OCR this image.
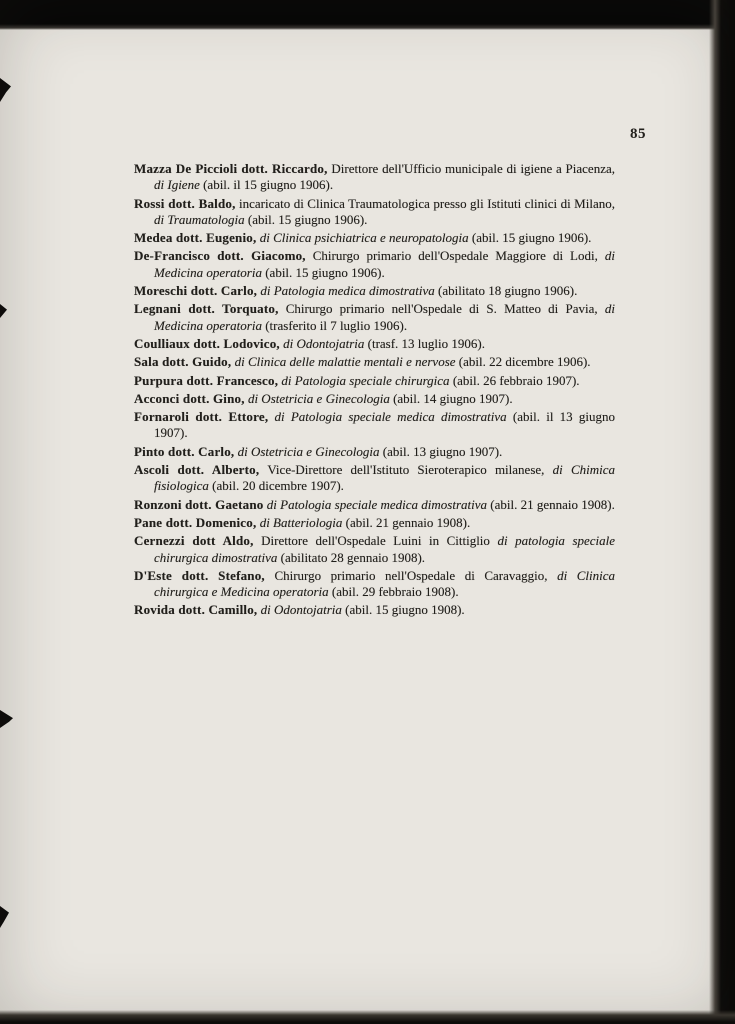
85

Mazza De Piccioli dott. Riccardo, Direttore dell'Ufficio municipale di igiene a Piacenza, di Igiene (abil. il 15 giugno 1906).

Rossi dott. Baldo, incaricato di Clinica Traumatologica presso gli Istituti clinici di Milano, di Traumatologia (abil. 15 giugno 1906).

Medea dott. Eugenio, di Clinica psichiatrica e neuropatologia (abil. 15 giugno 1906).

De-Francisco dott. Giacomo, Chirurgo primario dell'Ospedale Maggiore di Lodi, di Medicina operatoria (abil. 15 giugno 1906).

Moreschi dott. Carlo, di Patologia medica dimostrativa (abilitato 18 giugno 1906).

Legnani dott. Torquato, Chirurgo primario nell'Ospedale di S. Matteo di Pavia, di Medicina operatoria (trasferito il 7 luglio 1906).

Coulliaux dott. Lodovico, di Odontojatria (trasf. 13 luglio 1906).

Sala dott. Guido, di Clinica delle malattie mentali e nervose (abil. 22 dicembre 1906).

Purpura dott. Francesco, di Patologia speciale chirurgica (abil. 26 febbraio 1907).

Acconci dott. Gino, di Ostetricia e Ginecologia (abil. 14 giugno 1907).

Fornaroli dott. Ettore, di Patologia speciale medica dimostrativa (abil. il 13 giugno 1907).

Pinto dott. Carlo, di Ostetricia e Ginecologia (abil. 13 giugno 1907).

Ascoli dott. Alberto, Vice-Direttore dell'Istituto Sieroterapico milanese, di Chimica fisiologica (abil. 20 dicembre 1907).

Ronzoni dott. Gaetano di Patologia speciale medica dimostrativa (abil. 21 gennaio 1908).

Pane dott. Domenico, di Batteriologia (abil. 21 gennaio 1908).

Cernezzi dott Aldo, Direttore dell'Ospedale Luini in Cittiglio di patologia speciale chirurgica dimostrativa (abilitato 28 gennaio 1908).

D'Este dott. Stefano, Chirurgo primario nell'Ospedale di Caravaggio, di Clinica chirurgica e Medicina operatoria (abil. 29 febbraio 1908).

Rovida dott. Camillo, di Odontojatria (abil. 15 giugno 1908).
